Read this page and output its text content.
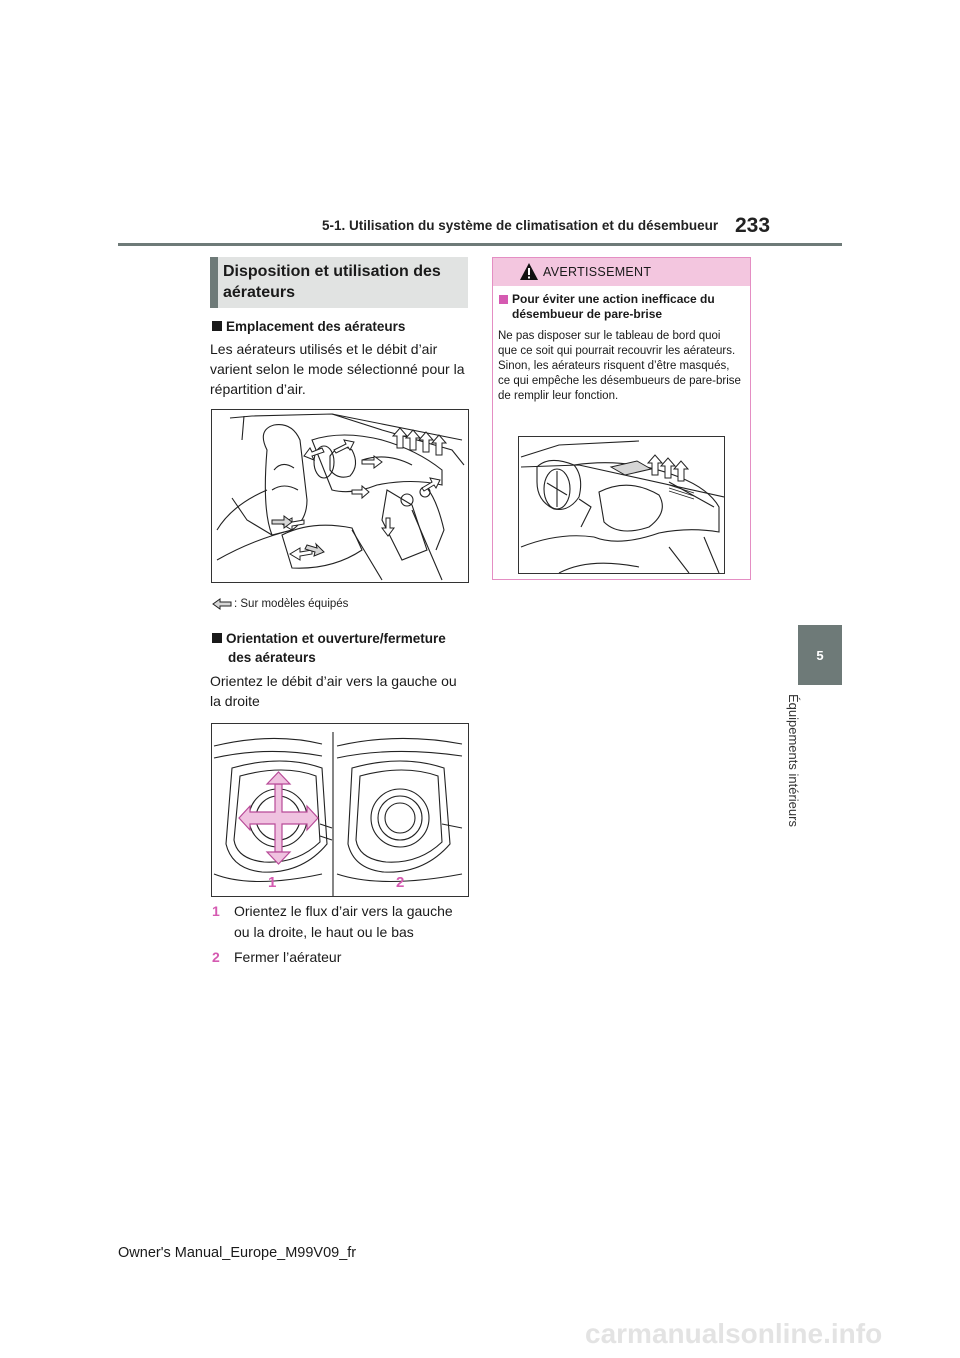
5-1. Utilisation du système de climatisation et du désembueur 233
5
Équipements intérieurs
Disposition et utilisation des aérateurs
Emplacement des aérateurs
Les aérateurs utilisés et le débit d’air varient selon le mode sélectionné pour la répartition d’air.
: Sur modèles équipés
Orientation et ouverture/fermeture
des aérateurs
Orientez le débit d’air vers la gauche ou la droite
1	2
1 Orientez le flux d’air vers la gauche
ou la droite, le haut ou le bas
2 Fermer l’aérateur
AVERTISSEMENT
Pour éviter une action inefficace du désembueur de pare-brise
Ne pas disposer sur le tableau de bord quoi que ce soit qui pourrait recouvrir les aérateurs. Sinon, les aérateurs risquent d’être masqués, ce qui empêche les désembueurs de pare-brise de remplir leur fonction.
Owner's Manual_Europe_M99V09_fr
carmanualsonline.info
